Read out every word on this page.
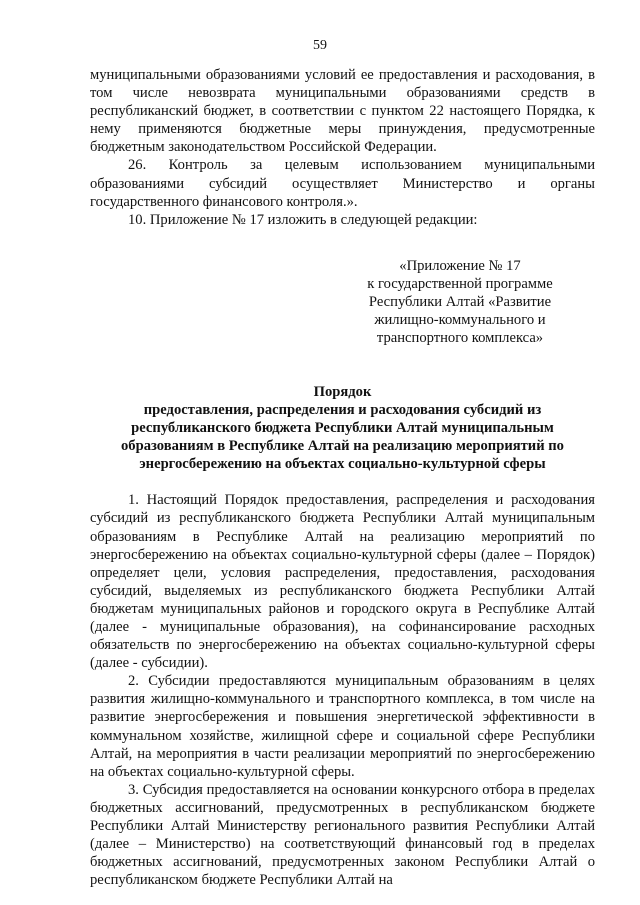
59

муниципальными образованиями условий ее предоставления и расходования, в том числе невозврата муниципальными образованиями средств в республиканский бюджет, в соответствии с пунктом 22 настоящего Порядка, к нему применяются бюджетные меры принуждения, предусмотренные бюджетным законодательством Российской Федерации.

26. Контроль за целевым использованием муниципальными образованиями субсидий осуществляет Министерство и органы государственного финансового контроля.».

10. Приложение № 17 изложить в следующей редакции:

«Приложение № 17
к государственной программе
Республики Алтай «Развитие
жилищно-коммунального и
транспортного комплекса»
Порядок
предоставления, распределения и расходования субсидий из
республиканского бюджета Республики Алтай муниципальным
образованиям в Республике Алтай на реализацию мероприятий по
энергосбережению на объектах социально-культурной сферы

1. Настоящий Порядок предоставления, распределения и расходования субсидий из республиканского бюджета Республики Алтай муниципальным образованиям в Республике Алтай на реализацию мероприятий по энергосбережению на объектах социально-культурной сферы (далее – Порядок) определяет цели, условия распределения, предоставления, расходования субсидий, выделяемых из республиканского бюджета Республики Алтай бюджетам муниципальных районов и городского округа в Республике Алтай (далее - муниципальные образования), на софинансирование расходных обязательств по энергосбережению на объектах социально-культурной сферы (далее - субсидии).

2. Субсидии предоставляются муниципальным образованиям в целях развития жилищно-коммунального и транспортного комплекса, в том числе на развитие энергосбережения и повышения энергетической эффективности в коммунальном хозяйстве, жилищной сфере и социальной сфере Республики Алтай, на мероприятия в части реализации мероприятий по энергосбережению на объектах социально-культурной сферы.

3. Субсидия предоставляется на основании конкурсного отбора в пределах бюджетных ассигнований, предусмотренных в республиканском бюджете Республики Алтай Министерству регионального развития Республики Алтай (далее – Министерство) на соответствующий финансовый год в пределах бюджетных ассигнований, предусмотренных законом Республики Алтай о республиканском бюджете Республики Алтай на
